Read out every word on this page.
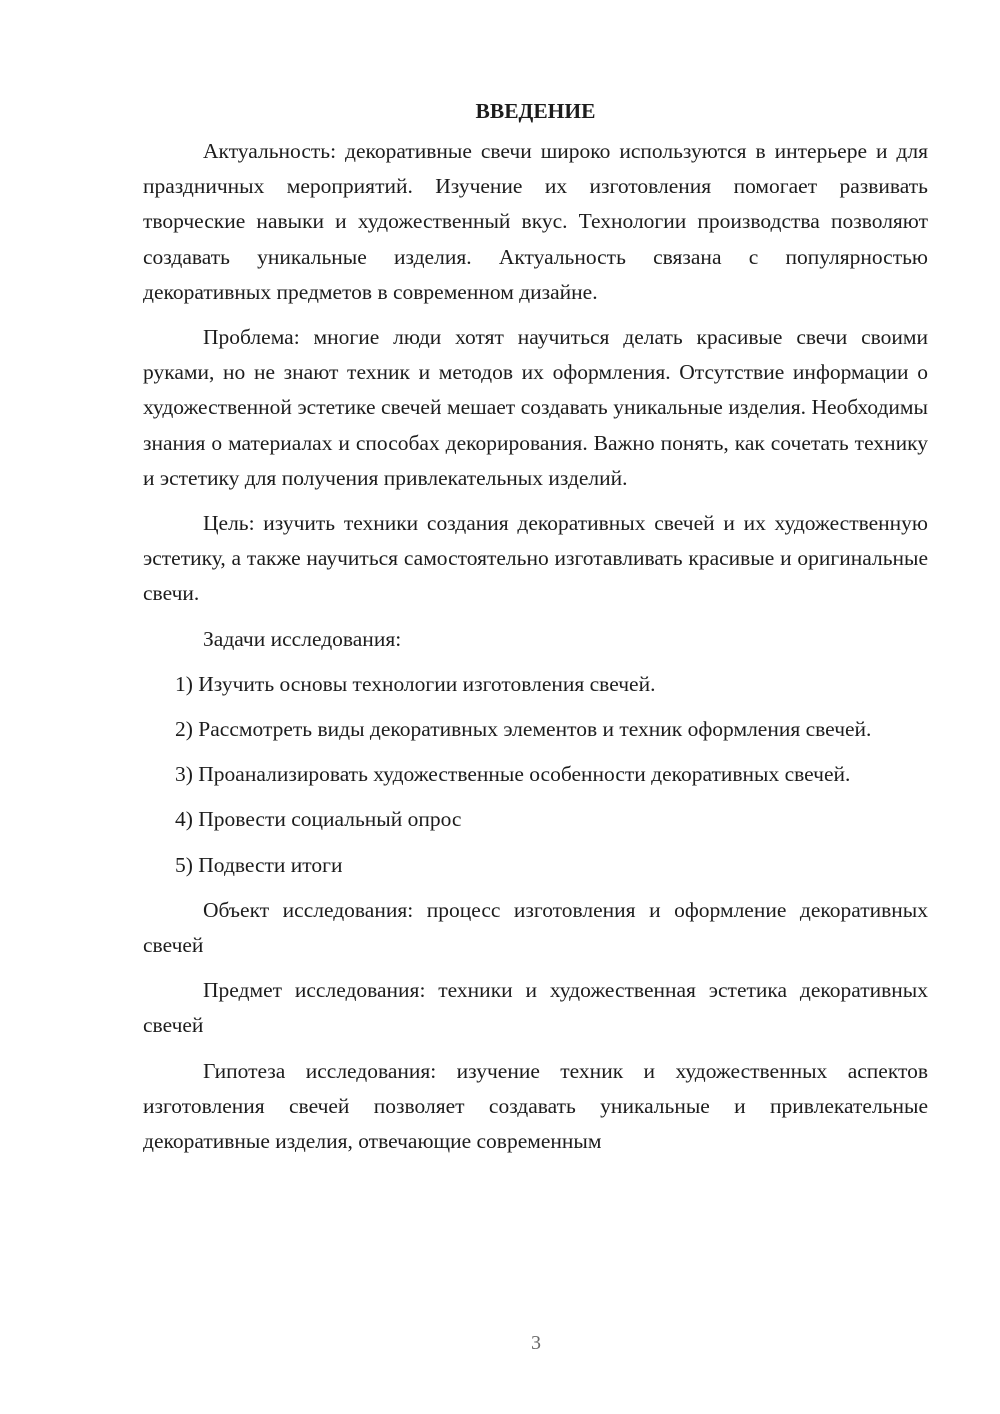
ВВЕДЕНИЕ

Актуальность: декоративные свечи широко используются в интерьере и для праздничных мероприятий. Изучение их изготовления помогает развивать творческие навыки и художественный вкус. Технологии производства позволяют создавать уникальные изделия. Актуальность связана с популярностью декоративных предметов в современном дизайне.

Проблема: многие люди хотят научиться делать красивые свечи своими руками, но не знают техник и методов их оформления. Отсутствие информации о художественной эстетике свечей мешает создавать уникальные изделия. Необходимы знания о материалах и способах декорирования. Важно понять, как сочетать технику и эстетику для получения привлекательных изделий.

Цель: изучить техники создания декоративных свечей и их художественную эстетику, а также научиться самостоятельно изготавливать красивые и оригинальные свечи.

Задачи исследования:

1) Изучить основы технологии изготовления свечей.

2) Рассмотреть виды декоративных элементов и техник оформления свечей.

3) Проанализировать художественные особенности декоративных свечей.

4) Провести социальный опрос

5) Подвести итоги

Объект исследования: процесс изготовления и оформление декоративных свечей

Предмет исследования: техники и художественная эстетика декоративных свечей

Гипотеза исследования: изучение техник и художественных аспектов изготовления свечей позволяет создавать уникальные и привлекательные декоративные изделия, отвечающие современным

3
